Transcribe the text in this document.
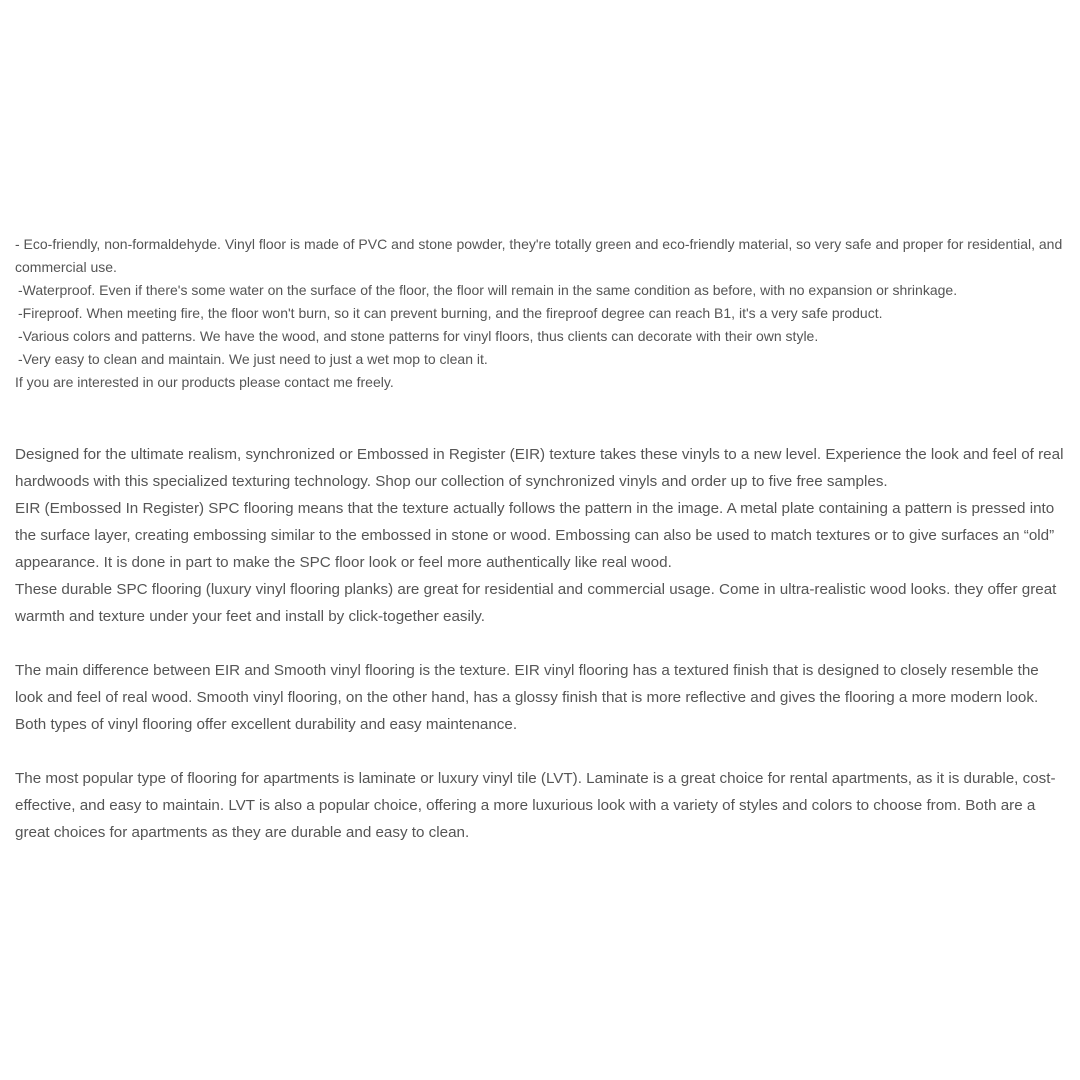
- Eco-friendly, non-formaldehyde. Vinyl floor is made of PVC and stone powder, they're totally green and eco-friendly material, so very safe and proper for residential, and commercial use.

-Waterproof. Even if there's some water on the surface of the floor, the floor will remain in the same condition as before, with no expansion or shrinkage.

-Fireproof. When meeting fire, the floor won't burn, so it can prevent burning, and the fireproof degree can reach B1, it's a very safe product.

-Various colors and patterns. We have the wood, and stone patterns for vinyl floors, thus clients can decorate with their own style.

-Very easy to clean and maintain. We just need to just a wet mop to clean it.

If you are interested in our products please contact me freely.

Designed for the ultimate realism, synchronized or Embossed in Register (EIR) texture takes these vinyls to a new level. Experience the look and feel of real hardwoods with this specialized texturing technology. Shop our collection of synchronized vinyls and order up to five free samples.

EIR (Embossed In Register) SPC flooring means that the texture actually follows the pattern in the image. A metal plate containing a pattern is pressed into the surface layer, creating embossing similar to the embossed in stone or wood. Embossing can also be used to match textures or to give surfaces an “old” appearance. It is done in part to make the SPC floor look or feel more authentically like real wood.

These durable SPC flooring (luxury vinyl flooring planks) are great for residential and commercial usage. Come in ultra-realistic wood looks. they offer great warmth and texture under your feet and install by click-together easily.

The main difference between EIR and Smooth vinyl flooring is the texture. EIR vinyl flooring has a textured finish that is designed to closely resemble the look and feel of real wood. Smooth vinyl flooring, on the other hand, has a glossy finish that is more reflective and gives the flooring a more modern look. Both types of vinyl flooring offer excellent durability and easy maintenance.

The most popular type of flooring for apartments is laminate or luxury vinyl tile (LVT). Laminate is a great choice for rental apartments, as it is durable, cost-effective, and easy to maintain. LVT is also a popular choice, offering a more luxurious look with a variety of styles and colors to choose from. Both are a great choices for apartments as they are durable and easy to clean.
